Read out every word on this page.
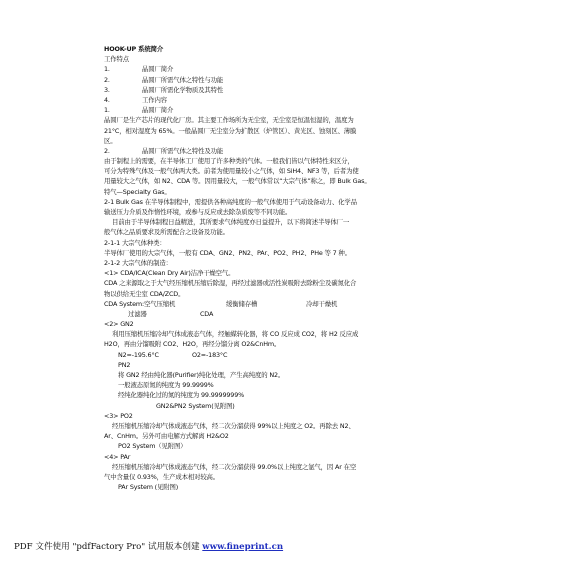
HOOK-UP 系统简介
工作特点
1.	晶圆厂简介
2.	晶圆厂所需气体之特性与功能
3.	晶圆厂所需化学物质及其特性
4.	工作内容
1.	晶圆厂简介
晶圆厂是生产芯片的现代化厂房。其主要工作场所为无尘室，无尘室是恒温恒湿的，温度为
21°C，相对湿度为 65%。一般晶圆厂无尘室分为扩散区（炉管区）、黄光区、蚀刻区、薄膜
区。
2.	晶圆厂所需气体之特性及功能
由于制程上的需要，在半导体工厂使用了许多种类的气体。一般我们皆以气体特性来区分，
可分为特殊气体及一般气体两大类。前者为使用量较小之气体，如 SiH4、NF3 等，后者为使
用量较大之气体，如 N2、CDA 等。因用量较大，一般气体常以“大宗气体”称之，即 Bulk Gas。
特气—Specialty Gas。
2-1 Bulk Gas 在半导体制程中，需提供各种高纯度的一般气体使用于气动设备动力、化学品
输送压力介质及作惰性环境，或参与反应或去除杂质废等不同功能。
目前由于半导体制程日益精进，其所要求气体纯度亦日益提升，以下将简述半导体厂一
般气体之品质要求及所需配合之设备及功能。
2-1-1 大宗气体种类：
半导体厂使用的大宗气体，一般有 CDA、GN2、PN2、PAr、PO2、PH2、PHe 等 7 种。
2-1-2 大宗气体的制造：
<1> CDA/ICA(Clean Dry Air)洁净干燥空气。
CDA 之来源取之于大气经压缩机压缩后除湿，再经过滤器或活性炭吸附去除粉尘及碳氮化合
物以供给无尘室 CDA/ZCD。
CDA System:空气压缩机	缓衡储存槽	冷却干燥机
过滤器	CDA
<2> GN2
利用压缩机压缩冷却气体成液态气体，经触媒转化器，将 CO 反应成 CO2，将 H2 反应成
H2O，再由分馏吸附 CO2、H2O，再经分馏分离 O2&CnHm。
N2=-195.6°C	O2=-183°C
PN2
将 GN2 经由纯化器(Purifier)纯化处理，产生高纯度的 N2。
一般液态原氮的纯度为 99.9999%
经纯化器纯化过的氮的纯度为 99.9999999%
GN2&PN2 System(见附图)
<3> PO2
经压缩机压缩冷却气体成液态气体，经二次分溜获得 99%以上纯度之 O2。再除去 N2、
Ar、CnHm。另外可由电解方式解离 H2&O2
PO2 System（见附图）
<4> PAr
经压缩机压缩冷却气体成液态气体，经二次分溜获得 99.0%以上纯度之氩气，因 Ar 在空
气中含量仅 0.93%，生产成本相对较高。
PAr System (见附图)
PDF 文件使用 "pdfFactory Pro" 试用版本创建 www.fineprint.cn
